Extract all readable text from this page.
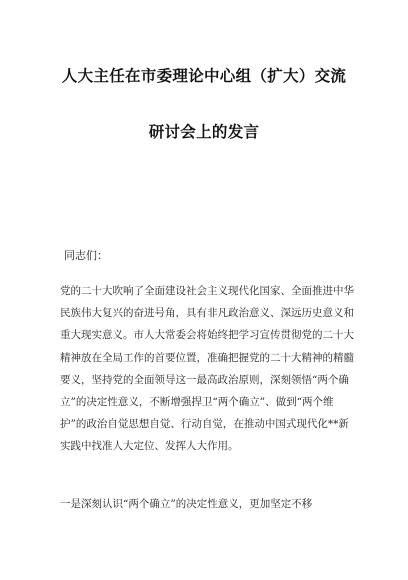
人大主任在市委理论中心组（扩大）交流
研讨会上的发言

同志们：

党的二十大吹响了全面建设社会主义现代化国家、全面推进中华民族伟大复兴的奋进号角，具有非凡政治意义、深远历史意义和重大现实意义。市人大常委会将始终把学习宣传贯彻党的二十大精神放在全局工作的首要位置，准确把握党的二十大精神的精髓要义，坚持党的全面领导这一最高政治原则，深刻领悟“两个确立”的决定性意义，不断增强捍卫“两个确立”、做到“两个维护”的政治自觉思想自觉、行动自觉，在推动中国式现代化**新实践中找准人大定位、发挥人大作用。

一是深刻认识“两个确立”的决定性意义，更加坚定不移
